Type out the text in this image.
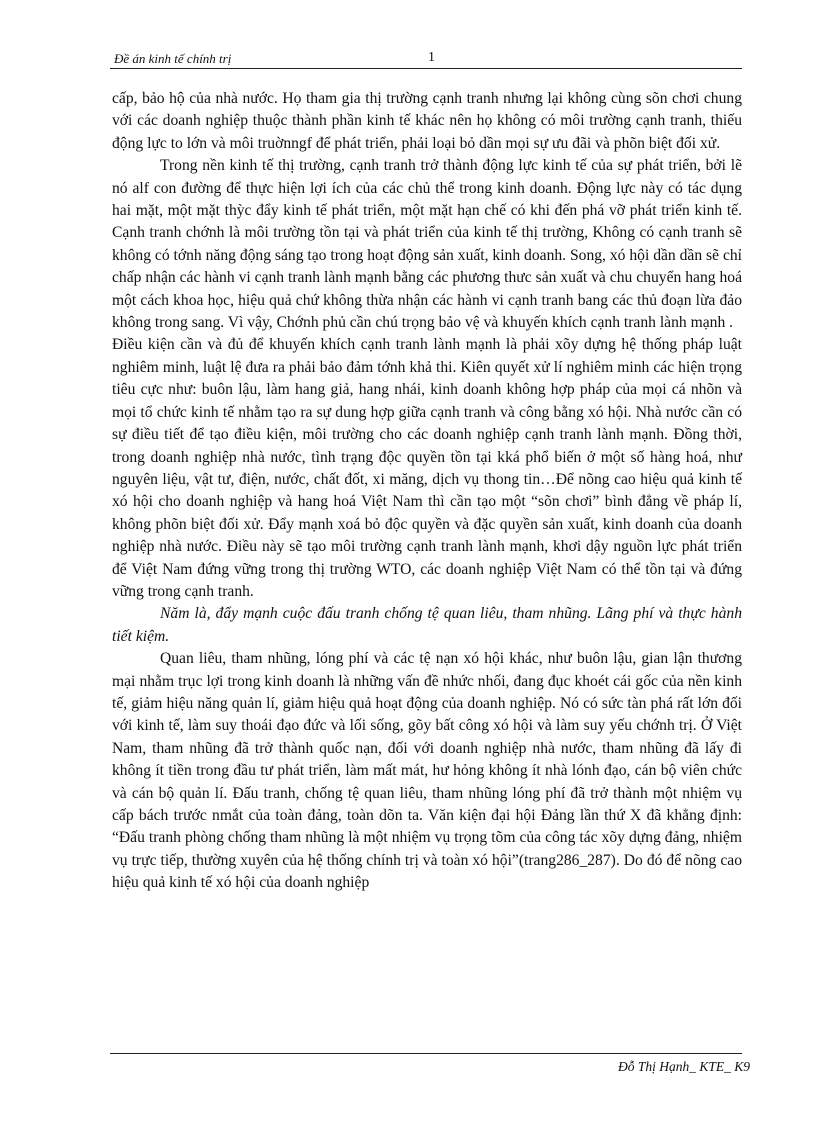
Đề án kinh tế chính trị	1

cấp, bảo hộ của nhà nước. Họ tham gia thị trường cạnh tranh nhưng lại không cùng sõn chơi chung với các doanh nghiệp thuộc thành phần kinh tế khác nên họ không có môi trường cạnh tranh, thiếu động lực to lớn và môi truờnngf để phát triển, phải loại bỏ dần mọi sự ưu đãi và phõn biệt đối xử.

Trong nền kinh tế thị trường, cạnh tranh trở thành động lực kinh tế của sự phát triển, bởi lẽ nó alf con đường để thực hiện lợi ích của các chủ thể trong kinh doanh. Động lực này có tác dụng hai mặt, một mặt thỳc đẩy kinh tế phát triển, một mặt hạn chế có khi đến phá vỡ phát triển kinh tế. Cạnh tranh chớnh là môi trường tồn tại và phát triển của kinh tế thị trường, Không có cạnh tranh sẽ không có tớnh năng động sáng tạo trong hoạt động sản xuất, kinh doanh. Song, xó hội dần dần sẽ chỉ chấp nhận các hành vi cạnh tranh lành mạnh bằng các phương thưc sản xuất và chu chuyển hang hoá một cách khoa học, hiệu quả chứ không thừa nhận các hành vi cạnh tranh bang các thủ đoạn lừa đảo không trong sang. Vì vậy, Chớnh phủ cần chú trọng bảo vệ và khuyến khích cạnh tranh lành mạnh .

Điều kiện cần và đủ để khuyến khích cạnh tranh lành mạnh là phải xõy dựng hệ thống pháp luật nghiêm minh, luật lệ đưa ra phải bảo đảm tớnh khả thi. Kiên quyết xử lí nghiêm minh các hiện trọng tiêu cực như: buôn lậu, làm hang giả, hang nhái, kinh doanh không hợp pháp của mọi cá nhõn và mọi tổ chức kinh tế nhằm tạo ra sự dung hợp giữa cạnh tranh và công bằng xó hội. Nhà nước cần có sự điều tiết để tạo điều kiện, môi trường cho các doanh nghiệp cạnh tranh lành mạnh. Đồng thời, trong doanh nghiệp nhà nước, tình trạng độc quyền tồn tại kká phổ biến ở một số hàng hoá, như nguyên liệu, vật tư, điện, nước, chất đốt, xi măng, dịch vụ thong tin…Để nõng cao hiệu quả kinh tế xó hội cho doanh nghiệp và hang hoá Việt Nam thì cần tạo một “sõn chơi” bình đẳng về pháp lí, không phõn biệt đối xử. Đẩy mạnh xoá bỏ độc quyền và đặc quyền sản xuất, kinh doanh của doanh nghiệp nhà nước. Điều này sẽ tạo môi trường cạnh tranh lành mạnh, khơi dậy nguồn lực phát triển để Việt Nam đứng vững trong thị trường WTO, các doanh nghiệp Việt Nam có thể tồn tại và đứng vững trong cạnh tranh.

Năm là, đẩy mạnh cuộc đấu tranh chống tệ quan liêu, tham nhũng. Lãng phí và thực hành tiết kiệm.

Quan liêu, tham nhũng, lóng phí và các tệ nạn xó hội khác, như buôn lậu, gian lận thương mại nhằm trục lợi trong kinh doanh là những vấn đề nhức nhối, đang đục khoét cái gốc của nền kinh tế, giảm hiệu năng quản lí, giảm hiệu quả hoạt động của doanh nghiệp. Nó có sức tàn phá rất lớn đối với kinh tế, làm suy thoái đạo đức và lối sống, gõy bất công xó hội và làm suy yếu chớnh trị. Ở Việt Nam, tham nhũng đã trở thành quốc nạn, đối với doanh nghiệp nhà nước, tham nhũng đã lấy đi không ít tiền trong đầu tư phát triển, làm mất mát, hư hỏng không ít nhà lónh đạo, cán bộ viên chức và cán bộ quản lí. Đấu tranh, chống tệ quan liêu, tham nhũng lóng phí đã trở thành một nhiệm vụ cấp bách trước nmắt của toàn đảng, toàn dõn ta. Văn kiện đại hội Đảng lần thứ X đã khẳng định: “Đấu tranh phòng chống tham nhũng là một nhiệm vụ trọng tõm của công tác xõy dựng đảng, nhiệm vụ trực tiếp, thường xuyên của hệ thống chính trị và toàn xó hội”(trang286_287). Do đó để nõng cao hiệu quả kinh tế xó hội của doanh nghiệp

Đỗ Thị Hạnh_ KTE_ K9
